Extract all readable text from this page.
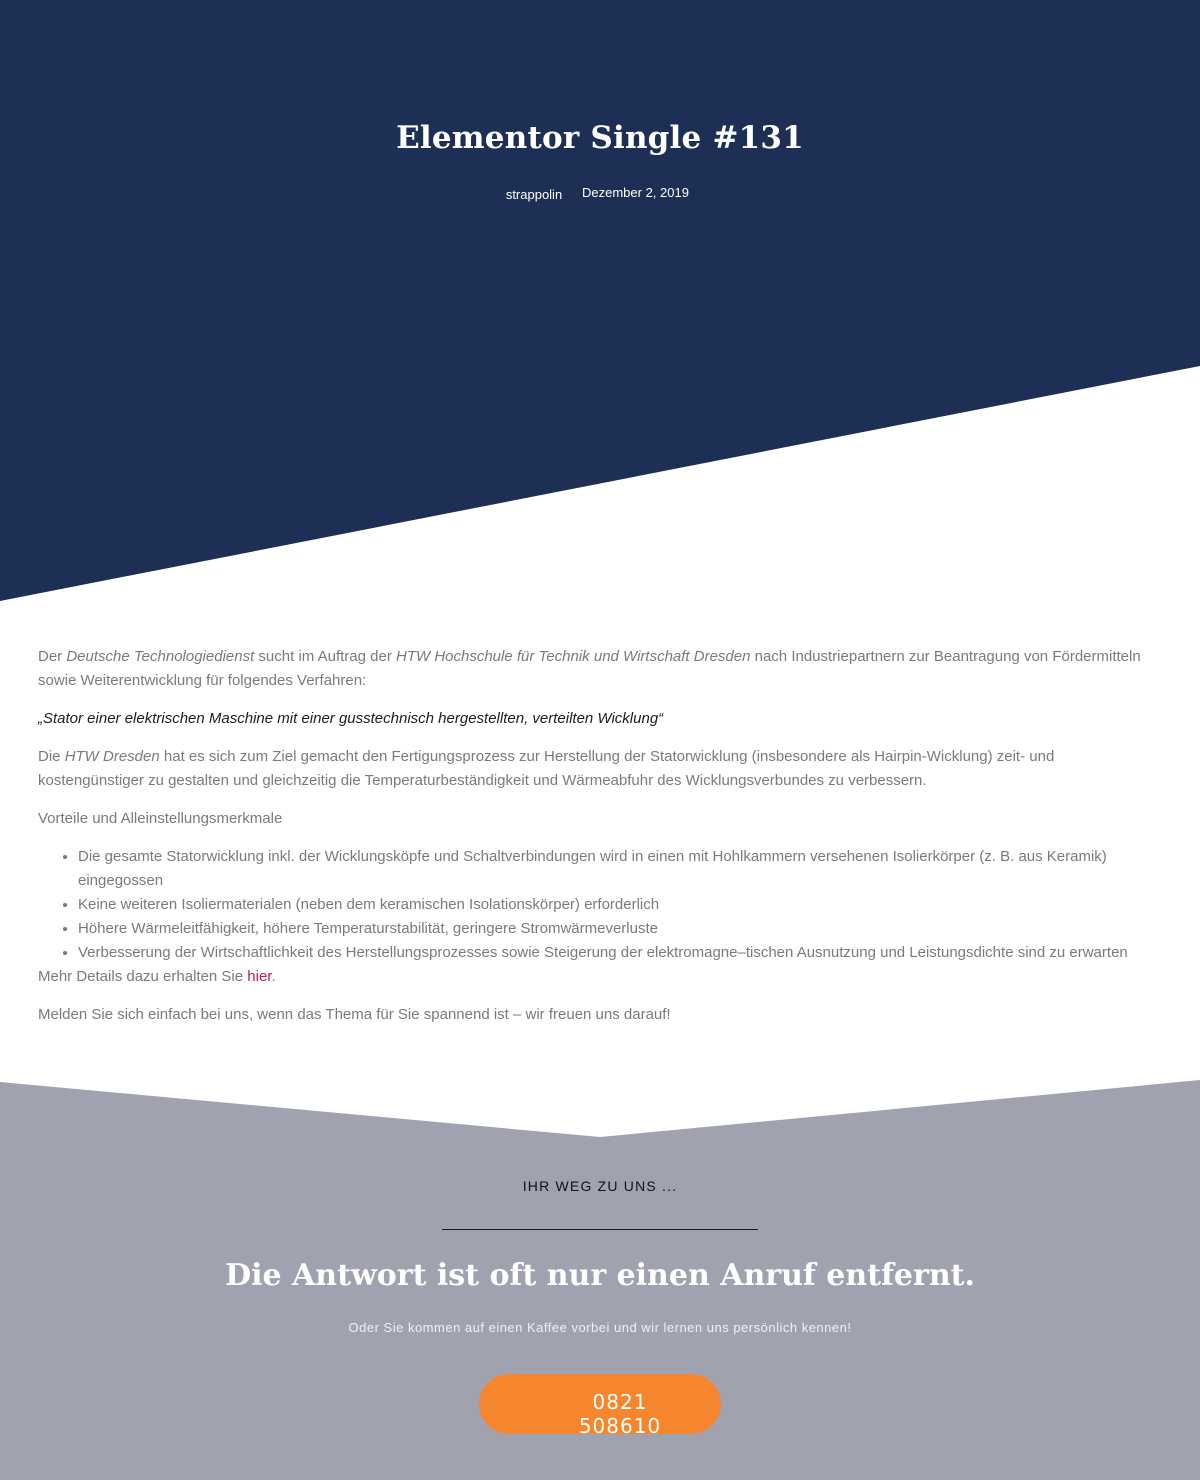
Elementor Single #131
strappolin	Dezember 2, 2019

Der Deutsche Technologiedienst sucht im Auftrag der HTW Hochschule für Technik und Wirtschaft Dresden nach Industriepartnern zur Beantragung von Fördermitteln sowie Weiterentwicklung für folgendes Verfahren:

„Stator einer elektrischen Maschine mit einer gusstechnisch hergestellten, verteilten Wicklung“

Die HTW Dresden hat es sich zum Ziel gemacht den Fertigungsprozess zur Herstellung der Statorwicklung (insbesondere als Hairpin-Wicklung) zeit- und kostengünstiger zu gestalten und gleichzeitig die Temperaturbeständigkeit und Wärmeabfuhr des Wicklungsverbundes zu verbessern.

Vorteile und Alleinstellungsmerkmale

• Die gesamte Statorwicklung inkl. der Wicklungsköpfe und Schaltverbindungen wird in einen mit Hohlkammern versehenen Isolierkörper (z. B. aus Keramik) eingegossen
• Keine weiteren Isoliermaterialen (neben dem keramischen Isolationskörper) erforderlich
• Höhere Wärmeleitfähigkeit, höhere Temperaturstabilität, geringere Stromwärmeverluste
• Verbesserung der Wirtschaftlichkeit des Herstellungsprozesses sowie Steigerung der elektromagne–tischen Ausnutzung und Leistungsdichte sind zu erwarten

Mehr Details dazu erhalten Sie hier.

Melden Sie sich einfach bei uns, wenn das Thema für Sie spannend ist – wir freuen uns darauf!

IHR WEG ZU UNS ...
Die Antwort ist oft nur einen Anruf entfernt.
Oder Sie kommen auf einen Kaffee vorbei und wir lernen uns persönlich kennen!
0821 508610
